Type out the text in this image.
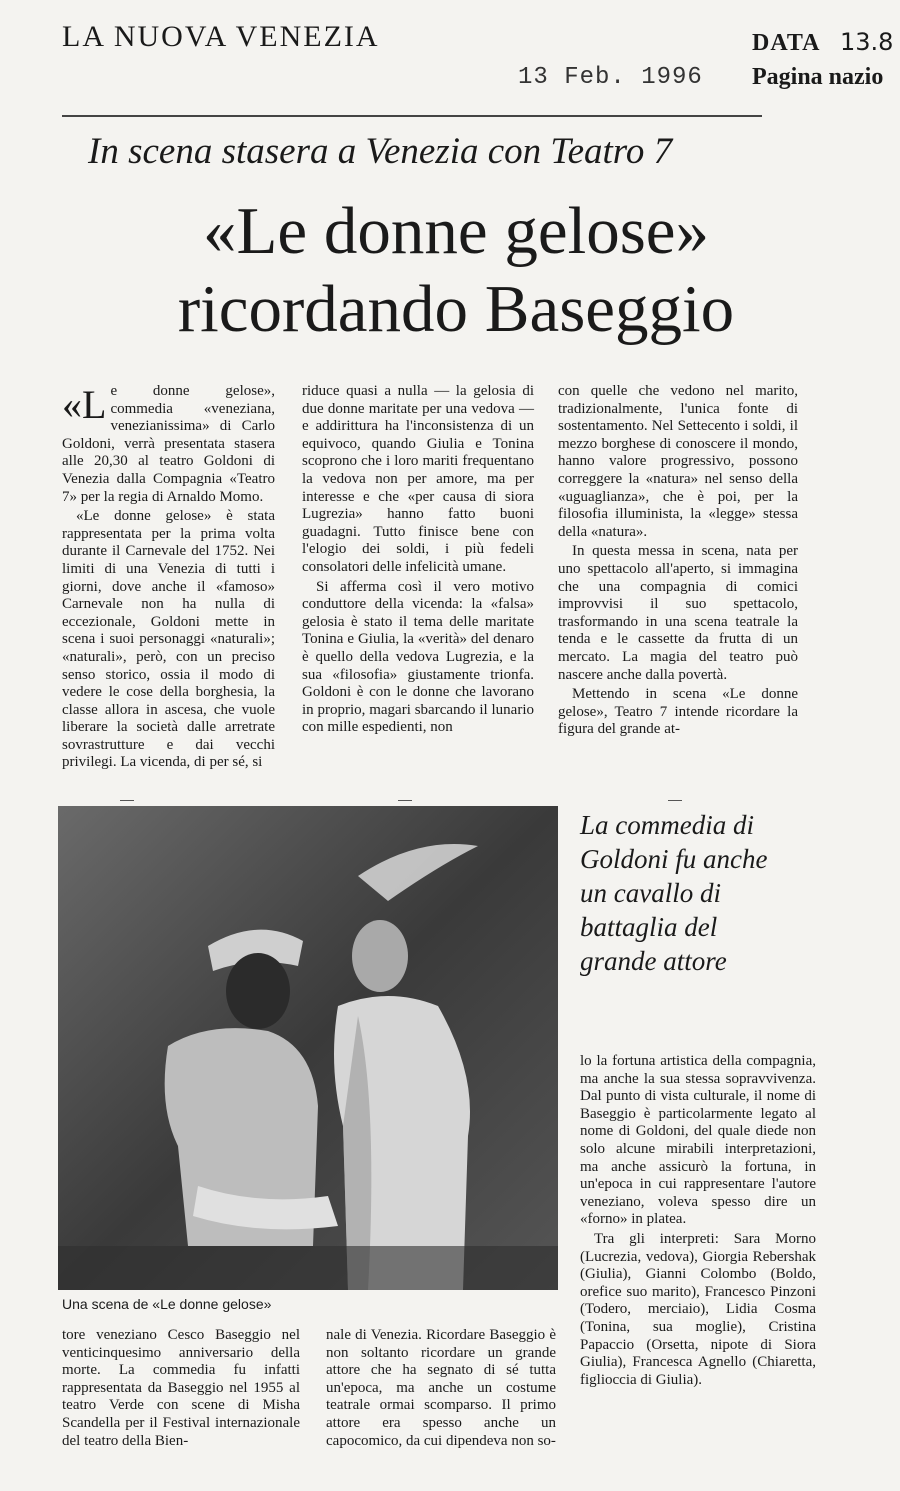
LA NUOVA VENEZIA	DATA 13.8
13 Feb. 1996 Pagina nazio
In scena stasera a Venezia con Teatro 7
«Le donne gelose»
ricordando Baseggio

«Le donne gelose», commedia «veneziana, venezianissima» di Carlo Goldoni, verrà presentata stasera alle 20,30 al teatro Goldoni di Venezia dalla Compagnia «Teatro 7» per la regia di Arnaldo Momo.

«Le donne gelose» è stata rappresentata per la prima volta durante il Carnevale del 1752. Nei limiti di una Venezia di tutti i giorni, dove anche il «famoso» Carnevale non ha nulla di eccezionale, Goldoni mette in scena i suoi personaggi «naturali»; «naturali», però, con un preciso senso storico, ossia il modo di vedere le cose della borghesia, la classe allora in ascesa, che vuole liberare la società dalle arretrate sovrastrutture e dai vecchi privilegi. La vicenda, di per sé, si

riduce quasi a nulla — la gelosia di due donne maritate per una vedova — e addirittura ha l'inconsistenza di un equivoco, quando Giulia e Tonina scoprono che i loro mariti frequentano la vedova non per amore, ma per interesse e che «per causa di siora Lugrezia» hanno fatto buoni guadagni. Tutto finisce bene con l'elogio dei soldi, i più fedeli consolatori delle infelicità umane.

Si afferma così il vero motivo conduttore della vicenda: la «falsa» gelosia è stato il tema delle maritate Tonina e Giulia, la «verità» del denaro è quello della vedova Lugrezia, e la sua «filosofia» giustamente trionfa. Goldoni è con le donne che lavorano in proprio, magari sbarcando il lunario con mille espedienti, non

con quelle che vedono nel marito, tradizionalmente, l'unica fonte di sostentamento. Nel Settecento i soldi, il mezzo borghese di conoscere il mondo, hanno valore progressivo, possono correggere la «natura» nel senso della «uguaglianza», che è poi, per la filosofia illuminista, la «legge» stessa della «natura».

In questa messa in scena, nata per uno spettacolo all'aperto, si immagina che una compagnia di comici improvvisi il suo spettacolo, trasformando in una scena teatrale la tenda e le cassette da frutta di un mercato. La magia del teatro può nascere anche dalla povertà.

Mettendo in scena «Le donne gelose», Teatro 7 intende ricordare la figura del grande at-

Una scena de «Le donne gelose»
La commedia di Goldoni fu anche un cavallo di battaglia del grande attore

lo la fortuna artistica della compagnia, ma anche la sua stessa sopravvivenza. Dal punto di vista culturale, il nome di Baseggio è particolarmente legato al nome di Goldoni, del quale diede non solo alcune mirabili interpretazioni, ma anche assicurò la fortuna, in un'epoca in cui rappresentare l'autore veneziano, voleva spesso dire un «forno» in platea.

Tra gli interpreti: Sara Morno (Lucrezia, vedova), Giorgia Rebershak (Giulia), Gianni Colombo (Boldo, orefice suo marito), Francesco Pinzoni (Todero, merciaio), Lidia Cosma (Tonina, sua moglie), Cristina Papaccio (Orsetta, nipote di Siora Giulia), Francesca Agnello (Chiaretta, figlioccia di Giulia).

tore veneziano Cesco Baseggio nel venticinquesimo anniversario della morte. La commedia fu infatti rappresentata da Baseggio nel 1955 al teatro Verde con scene di Misha Scandella per il Festival internazionale del teatro della Bien-

nale di Venezia. Ricordare Baseggio è non soltanto ricordare un grande attore che ha segnato di sé tutta un'epoca, ma anche un costume teatrale ormai scomparso. Il primo attore era spesso anche un capocomico, da cui dipendeva non so-
